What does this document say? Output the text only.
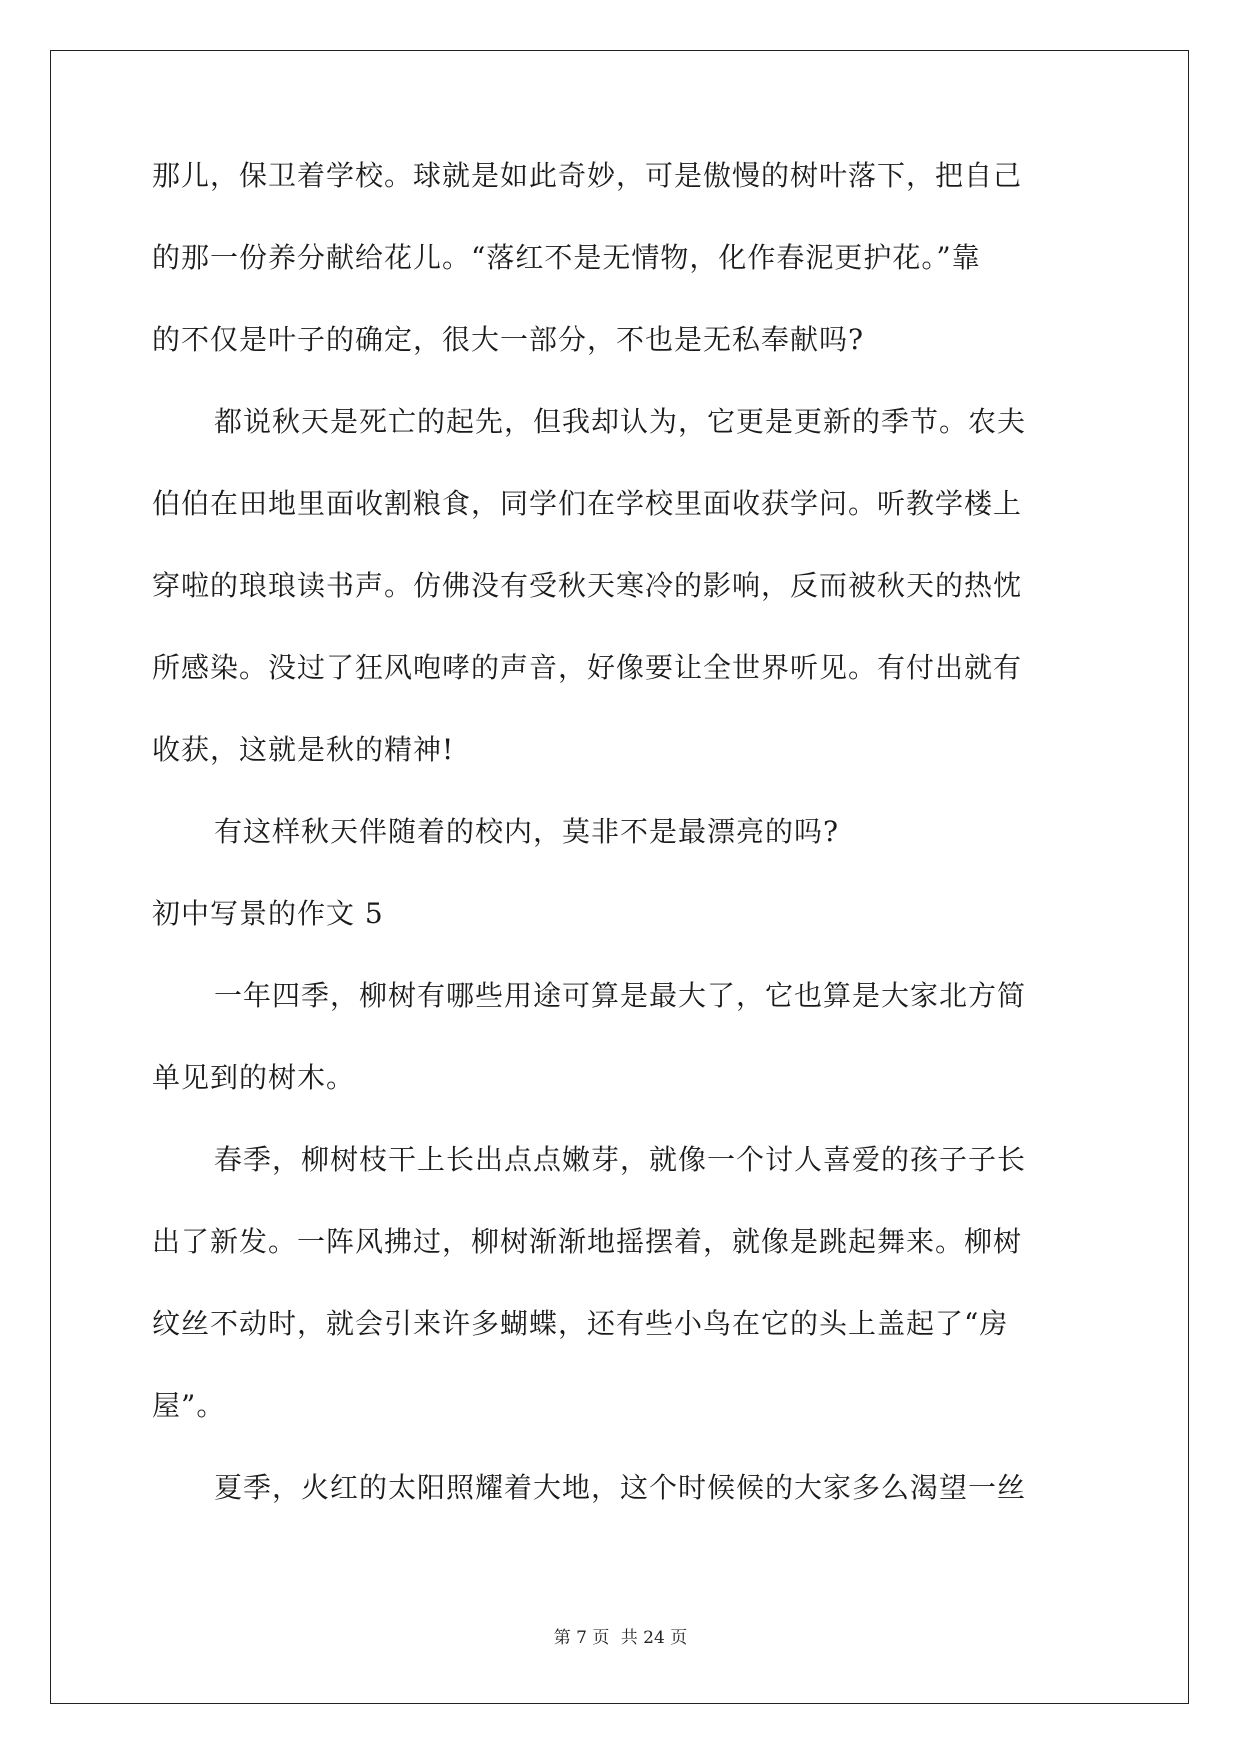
那儿，保卫着学校。球就是如此奇妙，可是傲慢的树叶落下，把自己
的那一份养分献给花儿。“落红不是无情物，化作春泥更护花。”靠
的不仅是叶子的确定，很大一部分，不也是无私奉献吗?
都说秋天是死亡的起先，但我却认为，它更是更新的季节。农夫
伯伯在田地里面收割粮食，同学们在学校里面收获学问。听教学楼上
穿啦的琅琅读书声。仿佛没有受秋天寒冷的影响，反而被秋天的热忱
所感染。没过了狂风咆哮的声音，好像要让全世界听见。有付出就有
收获，这就是秋的精神!
有这样秋天伴随着的校内，莫非不是最漂亮的吗?
初中写景的作文 5
一年四季，柳树有哪些用途可算是最大了，它也算是大家北方简
单见到的树木。
春季，柳树枝干上长出点点嫩芽，就像一个讨人喜爱的孩子子长
出了新发。一阵风拂过，柳树渐渐地摇摆着，就像是跳起舞来。柳树
纹丝不动时，就会引来许多蝴蝶，还有些小鸟在它的头上盖起了“房
屋”。
夏季，火红的太阳照耀着大地，这个时候候的大家多么渴望一丝
第 7 页 共 24 页
